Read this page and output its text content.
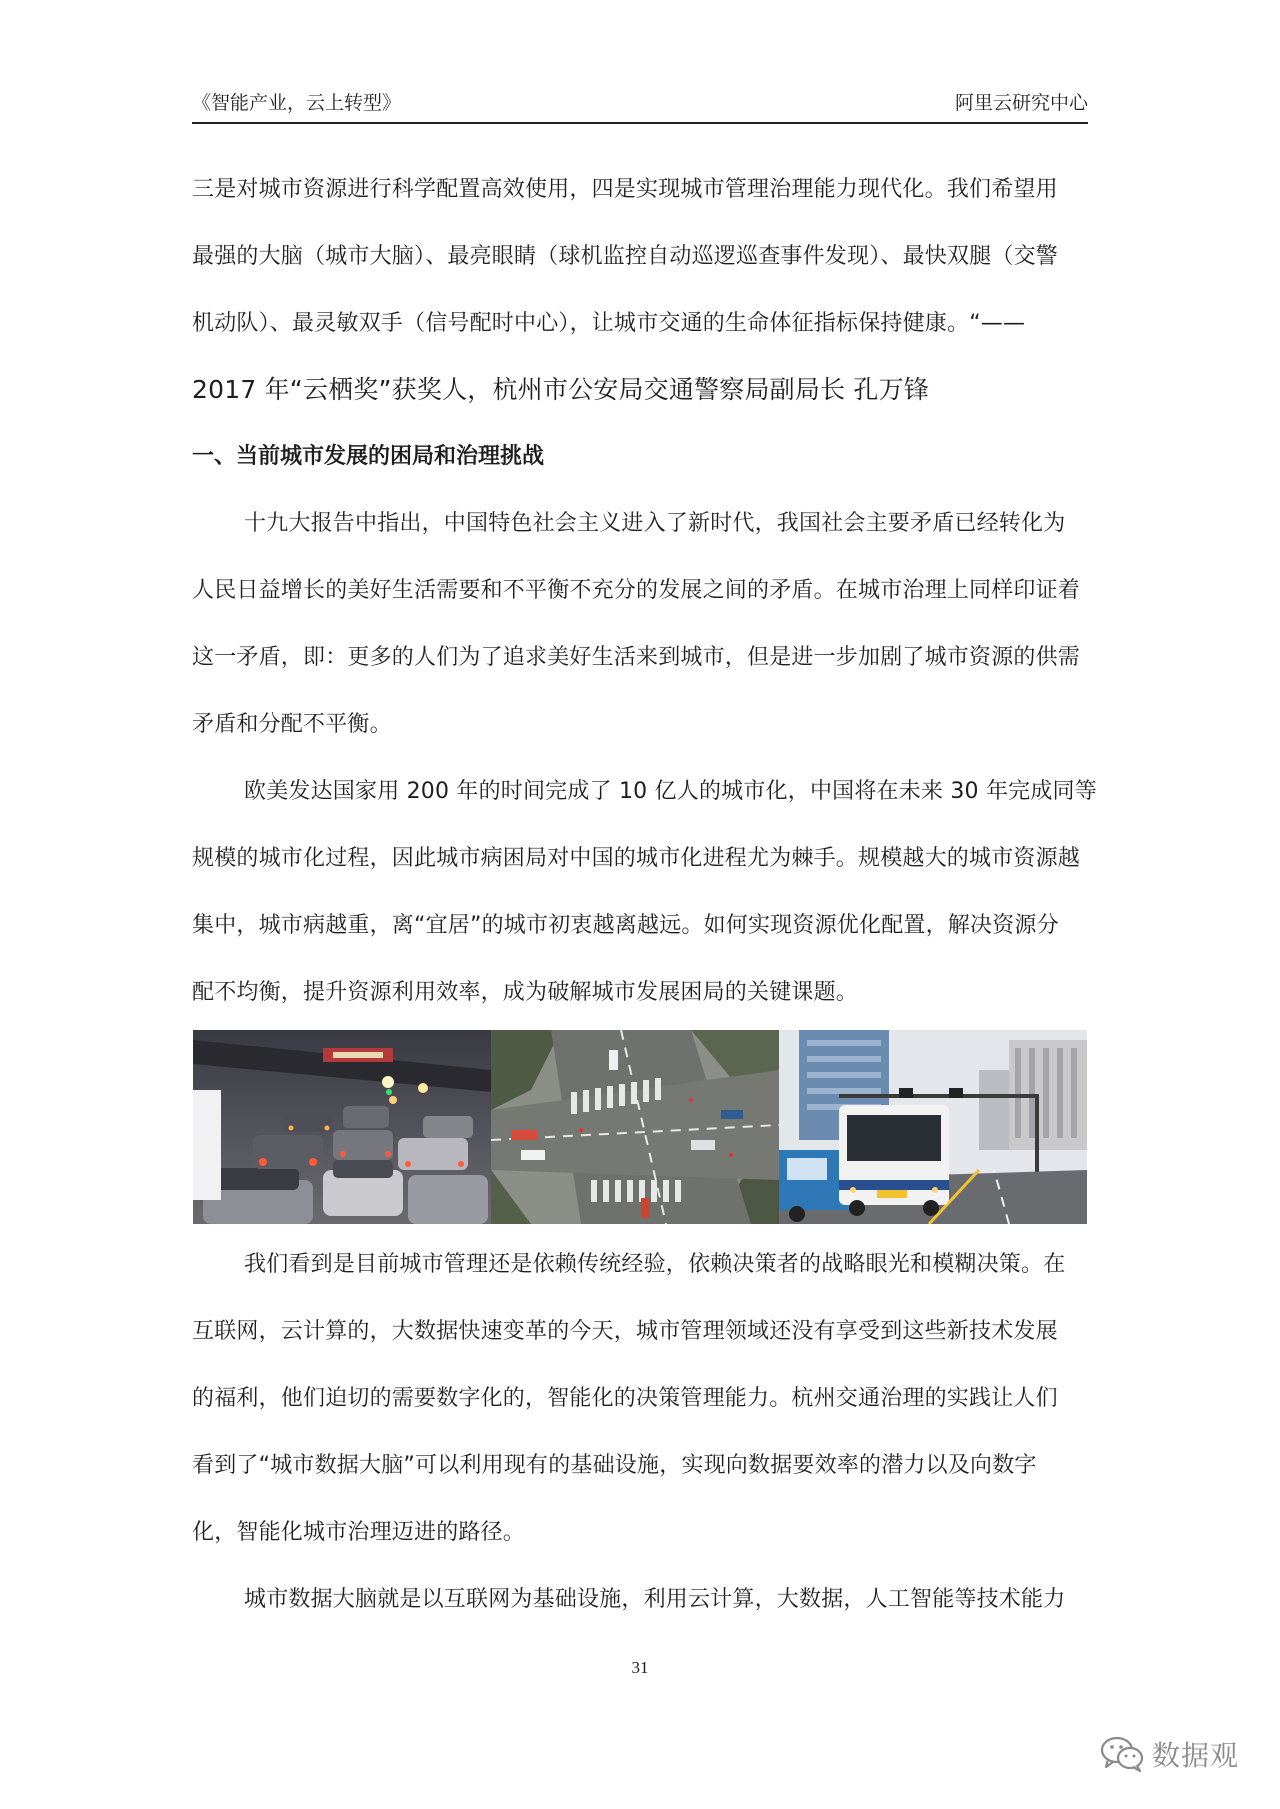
《智能产业，云上转型》	阿里云研究中心
三是对城市资源进行科学配置高效使用，四是实现城市管理治理能力现代化。我们希望用
最强的大脑（城市大脑）、最亮眼睛（球机监控自动巡逻巡查事件发现）、最快双腿（交警
机动队）、最灵敏双手（信号配时中心），让城市交通的生命体征指标保持健康。“——
2017 年“云栖奖”获奖人，杭州市公安局交通警察局副局长 孔万锋
一、当前城市发展的困局和治理挑战
十九大报告中指出，中国特色社会主义进入了新时代，我国社会主要矛盾已经转化为
人民日益增长的美好生活需要和不平衡不充分的发展之间的矛盾。在城市治理上同样印证着
这一矛盾，即：更多的人们为了追求美好生活来到城市，但是进一步加剧了城市资源的供需
矛盾和分配不平衡。
欧美发达国家用 200 年的时间完成了 10 亿人的城市化，中国将在未来 30 年完成同等
规模的城市化过程，因此城市病困局对中国的城市化进程尤为棘手。规模越大的城市资源越
集中，城市病越重，离“宜居”的城市初衷越离越远。如何实现资源优化配置，解决资源分
配不均衡，提升资源利用效率，成为破解城市发展困局的关键课题。
我们看到是目前城市管理还是依赖传统经验，依赖决策者的战略眼光和模糊决策。在
互联网，云计算的，大数据快速变革的今天，城市管理领域还没有享受到这些新技术发展
的福利，他们迫切的需要数字化的，智能化的决策管理能力。杭州交通治理的实践让人们
看到了“城市数据大脑”可以利用现有的基础设施，实现向数据要效率的潜力以及向数字
化，智能化城市治理迈进的路径。
城市数据大脑就是以互联网为基础设施，利用云计算，大数据，人工智能等技术能力
31
数据观
